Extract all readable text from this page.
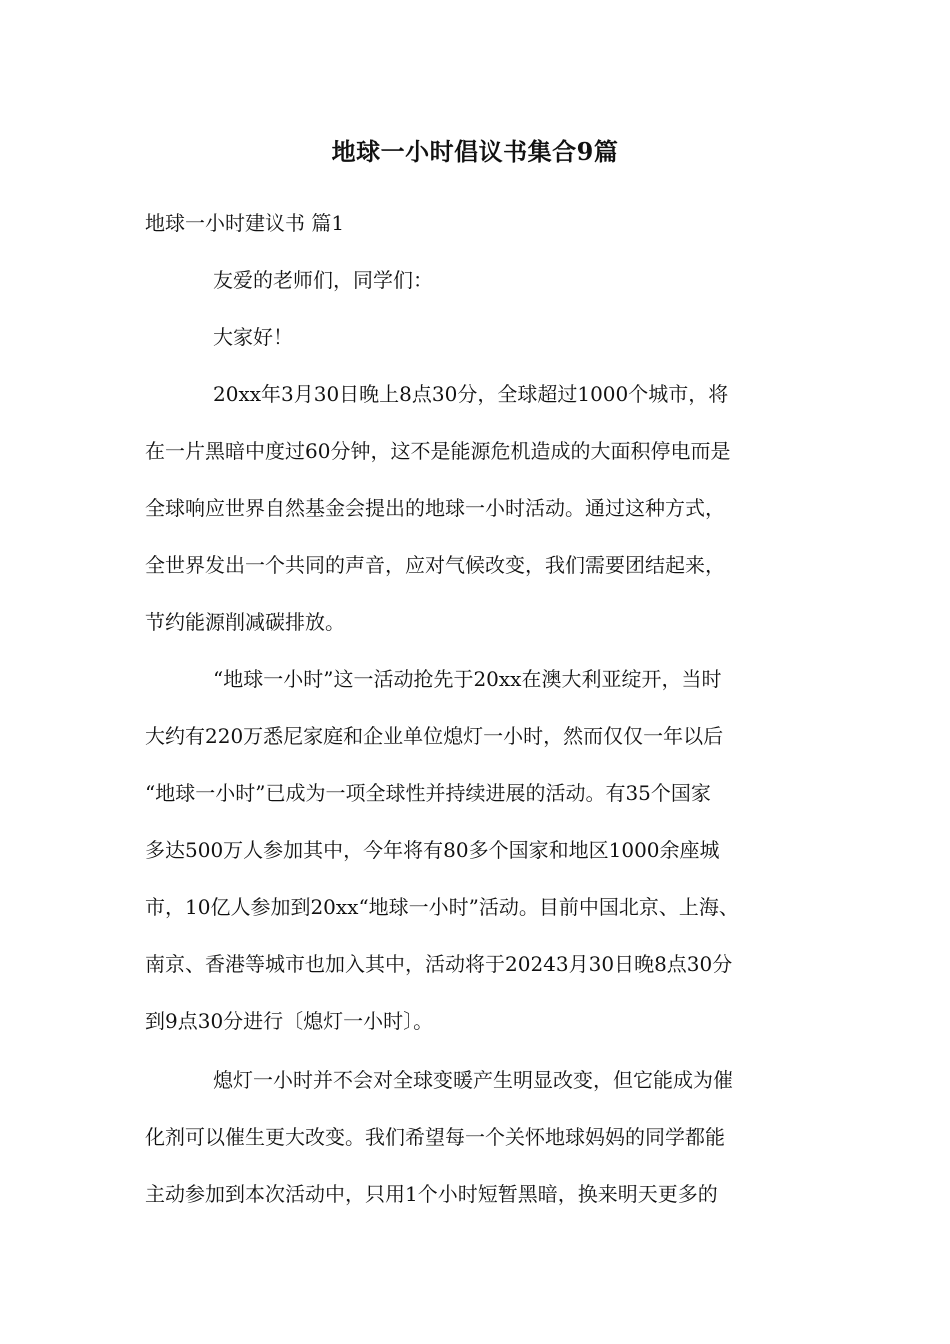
地球一小时倡议书集合9篇
地球一小时建议书 篇1
友爱的老师们，同学们：
大家好！
20xx年3月30日晚上8点30分，全球超过1000个城市，将
在一片黑暗中度过60分钟，这不是能源危机造成的大面积停电而是
全球响应世界自然基金会提出的地球一小时活动。通过这种方式，
全世界发出一个共同的声音，应对气候改变，我们需要团结起来，
节约能源削减碳排放。
“地球一小时”这一活动抢先于20xx在澳大利亚绽开，当时
大约有220万悉尼家庭和企业单位熄灯一小时，然而仅仅一年以后
“地球一小时”已成为一项全球性并持续进展的活动。有35个国家
多达500万人参加其中，今年将有80多个国家和地区1000余座城
市，10亿人参加到20xx“地球一小时”活动。目前中国北京、上海、
南京、香港等城市也加入其中，活动将于20243月30日晚8点30分
到9点30分进行〔熄灯一小时〕。
熄灯一小时并不会对全球变暖产生明显改变，但它能成为催
化剂可以催生更大改变。我们希望每一个关怀地球妈妈的同学都能
主动参加到本次活动中，只用1个小时短暂黑暗，换来明天更多的
